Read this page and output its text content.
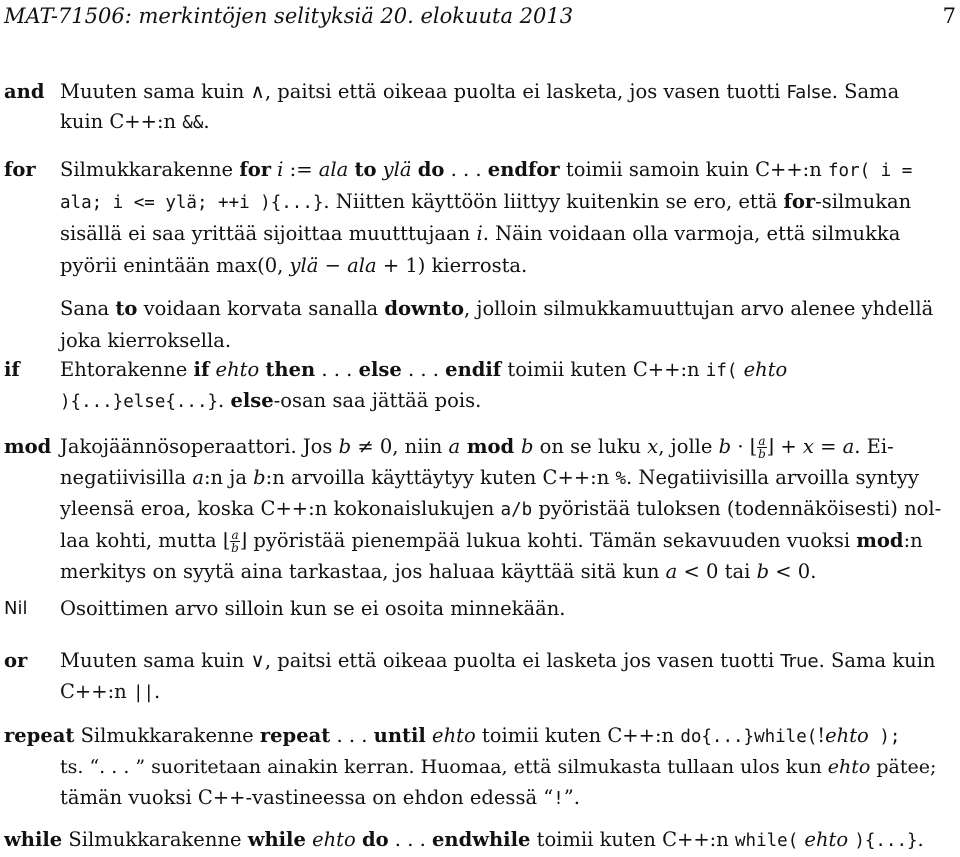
MAT-71506: merkintöjen selityksiä 20. elokuuta 2013	7
and Muuten sama kuin ∧, paitsi että oikeaa puolta ei lasketa, jos vasen tuotti False. Sama
kuin C++:n &&.
for Silmukkarakenne for i := ala to ylä do . . . endfor toimii samoin kuin C++:n for( i =
ala; i <= ylä; ++i ){...}. Niitten käyttöön liittyy kuitenkin se ero, että for-silmukan
sisällä ei saa yrittää sijoittaa muutttujaan i. Näin voidaan olla varmoja, että silmukka
pyörii enintään max(0, ylä − ala + 1) kierrosta.
Sana to voidaan korvata sanalla downto, jolloin silmukkamuuttujan arvo alenee yhdellä
joka kierroksella.
if Ehtorakenne if ehto then . . . else . . . endif toimii kuten C++:n if( ehto
){...}else{...}. else-osan saa jättää pois.
mod Jakojäännösoperaattori. Jos b ≠ 0, niin a mod b on se luku x, jolle b · ⌊ $\frac{a}{b}$ ⌋ + x = a. Ei-
negatiivisilla a:n ja b:n arvoilla käyttäytyy kuten C++:n %. Negatiivisilla arvoilla syntyy
yleensä eroa, koska C++:n kokonaislukujen a/b pyöristää tuloksen (todennäköisesti) nol-
laa kohti, mutta ⌊ $\frac{a}{b}$ ⌋ pyöristää pienempää lukua kohti. Tämän sekavuuden vuoksi mod:n
merkitys on syytä aina tarkastaa, jos haluaa käyttää sitä kun a < 0 tai b < 0.
Nil Osoittimen arvo silloin kun se ei osoita minnekään.
or Muuten sama kuin ∨, paitsi että oikeaa puolta ei lasketa jos vasen tuotti True. Sama kuin
C++:n ||.
repeat Silmukkarakenne repeat . . . until ehto toimii kuten C++:n do{...}while(!ehto );
ts. “. . . ” suoritetaan ainakin kerran. Huomaa, että silmukasta tullaan ulos kun ehto pätee;
tämän vuoksi C++-vastineessa on ehdon edessä “!”.
while Silmukkarakenne while ehto do . . . endwhile toimii kuten C++:n while( ehto ){...}.
